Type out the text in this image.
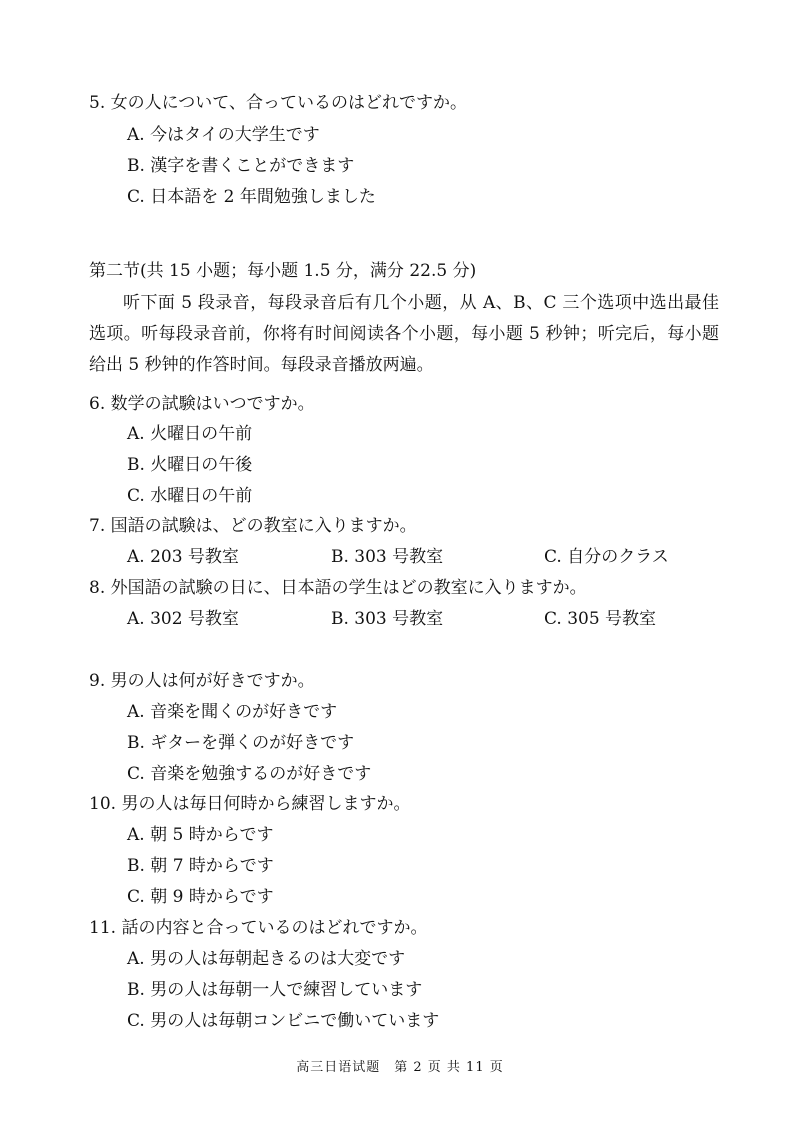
5. 女の人について、合っているのはどれですか。
A. 今はタイの大学生です
B. 漢字を書くことができます
C. 日本語を 2 年間勉強しました
第二节(共 15 小题；每小题 1.5 分，满分 22.5 分)
听下面 5 段录音，每段录音后有几个小题，从 A、B、C 三个选项中选出最佳选项。听每段录音前，你将有时间阅读各个小题，每小题 5 秒钟；听完后，每小题给出 5 秒钟的作答时间。每段录音播放两遍。
6. 数学の試験はいつですか。
A. 火曜日の午前
B. 火曜日の午後
C. 水曜日の午前
7. 国語の試験は、どの教室に入りますか。
A. 203 号教室	B. 303 号教室	C. 自分のクラス
8. 外国語の試験の日に、日本語の学生はどの教室に入りますか。
A. 302 号教室	B. 303 号教室	C. 305 号教室
9. 男の人は何が好きですか。
A. 音楽を聞くのが好きです
B. ギターを弾くのが好きです
C. 音楽を勉強するのが好きです
10. 男の人は毎日何時から練習しますか。
A. 朝 5 時からです
B. 朝 7 時からです
C. 朝 9 時からです
11. 話の内容と合っているのはどれですか。
A. 男の人は毎朝起きるのは大変です
B. 男の人は毎朝一人で練習しています
C. 男の人は毎朝コンビニで働いています
高三日语试题　第 2 页 共 11 页
